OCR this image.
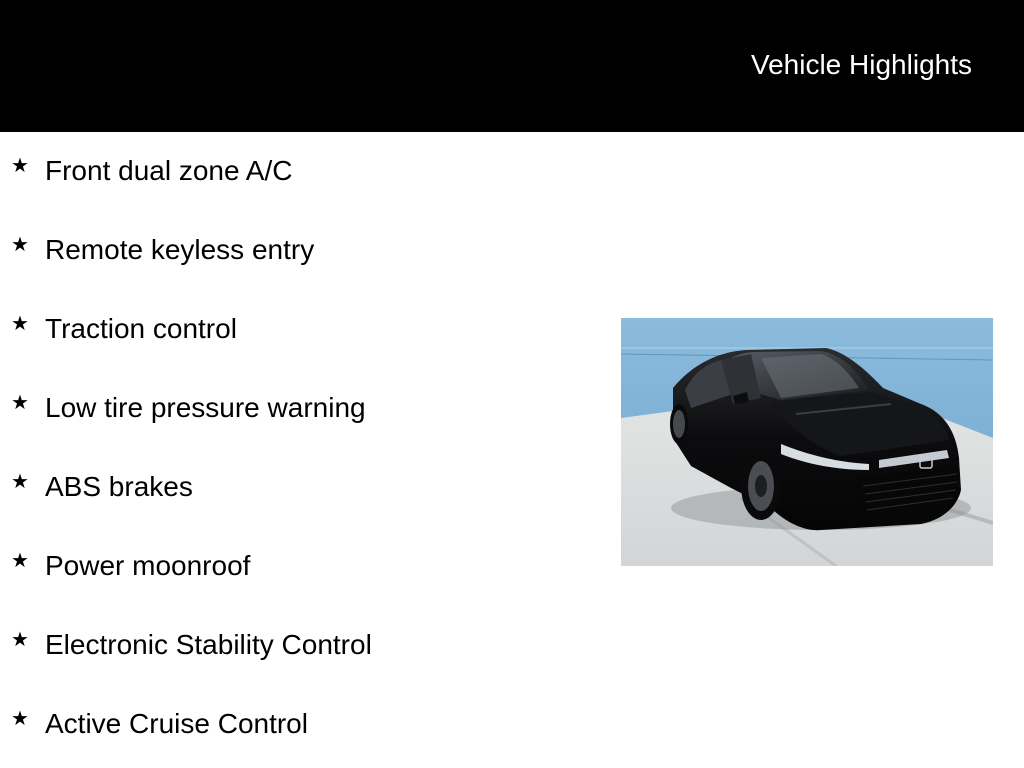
Vehicle Highlights
★ Front dual zone A/C
★ Remote keyless entry
★ Traction control
★ Low tire pressure warning
★ ABS brakes
★ Power moonroof
★ Electronic Stability Control
★ Active Cruise Control
